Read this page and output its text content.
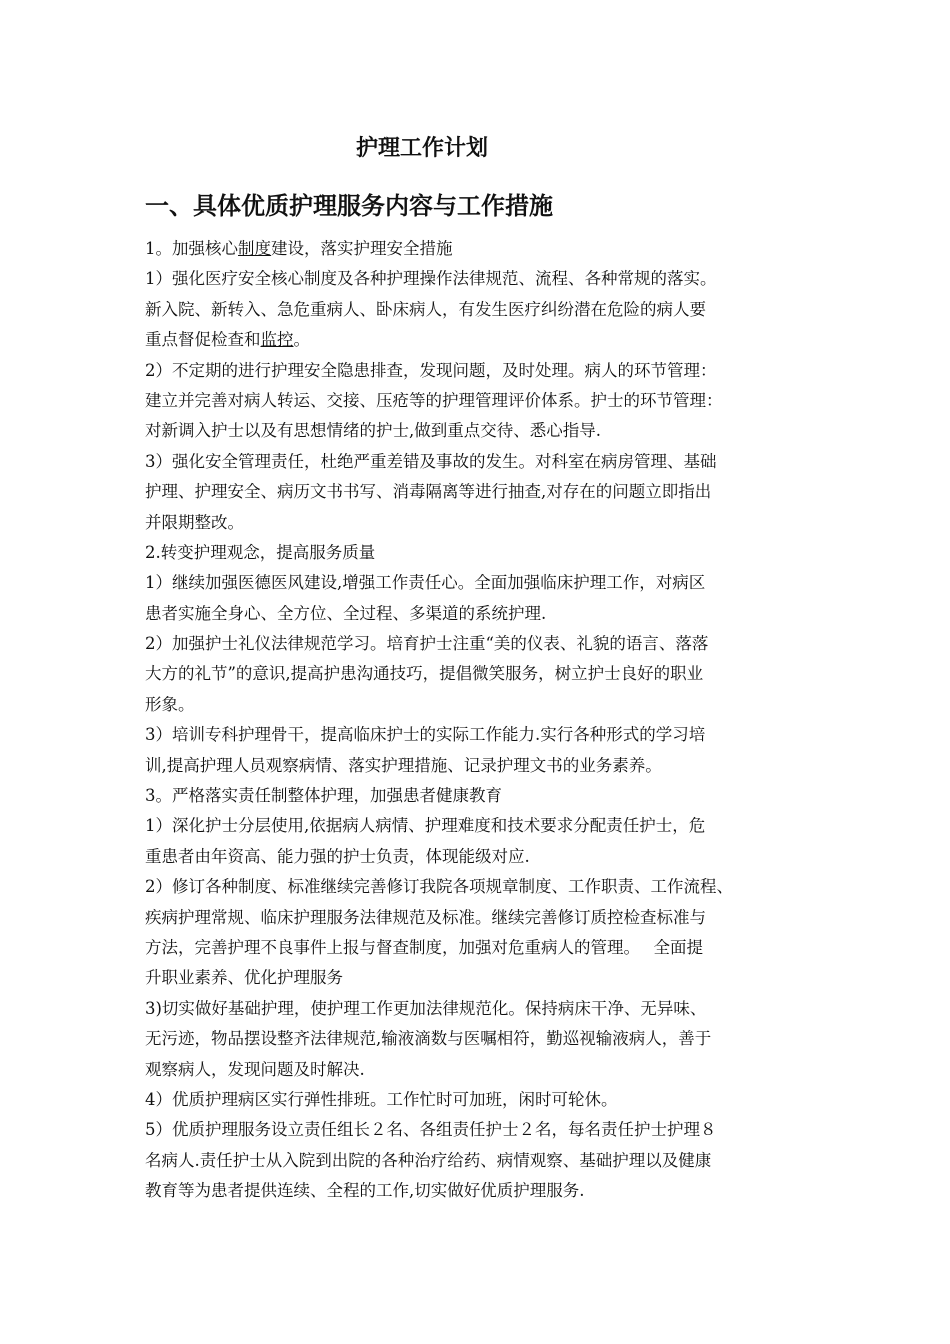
护理工作计划
一、具体优质护理服务内容与工作措施

1。加强核心制度建设，落实护理安全措施

1）强化医疗安全核心制度及各种护理操作法律规范、流程、各种常规的落实。

新入院、新转入、急危重病人、卧床病人，有发生医疗纠纷潜在危险的病人要

重点督促检查和监控。

2）不定期的进行护理安全隐患排查，发现问题，及时处理。病人的环节管理：

建立并完善对病人转运、交接、压疮等的护理管理评价体系。护士的环节管理：

对新调入护士以及有思想情绪的护士,做到重点交待、悉心指导.

3）强化安全管理责任，杜绝严重差错及事故的发生。对科室在病房管理、基础

护理、护理安全、病历文书书写、消毒隔离等进行抽查,对存在的问题立即指出

并限期整改。

2.转变护理观念，提高服务质量

1）继续加强医德医风建设,增强工作责任心。全面加强临床护理工作，对病区

患者实施全身心、全方位、全过程、多渠道的系统护理.

2）加强护士礼仪法律规范学习。培育护士注重“美的仪表、礼貌的语言、落落

大方的礼节”的意识,提高护患沟通技巧，提倡微笑服务，树立护士良好的职业

形象。

3）培训专科护理骨干，提高临床护士的实际工作能力.实行各种形式的学习培

训,提高护理人员观察病情、落实护理措施、记录护理文书的业务素养。

3。严格落实责任制整体护理，加强患者健康教育

1）深化护士分层使用,依据病人病情、护理难度和技术要求分配责任护士，危

重患者由年资高、能力强的护士负责，体现能级对应.

2）修订各种制度、标准继续完善修订我院各项规章制度、工作职责、工作流程、

疾病护理常规、临床护理服务法律规范及标准。继续完善修订质控检查标准与

方法，完善护理不良事件上报与督查制度，加强对危重病人的管理。　 全面提

升职业素养、优化护理服务

3)切实做好基础护理，使护理工作更加法律规范化。保持病床干净、无异味、

无污迹，物品摆设整齐法律规范,输液滴数与医嘱相符，勤巡视输液病人，善于

观察病人，发现问题及时解决.

4）优质护理病区实行弹性排班。工作忙时可加班，闲时可轮休。

5）优质护理服务设立责任组长２名、各组责任护士２名，每名责任护士护理８

名病人.责任护士从入院到出院的各种治疗给药、病情观察、基础护理以及健康

教育等为患者提供连续、全程的工作,切实做好优质护理服务.
